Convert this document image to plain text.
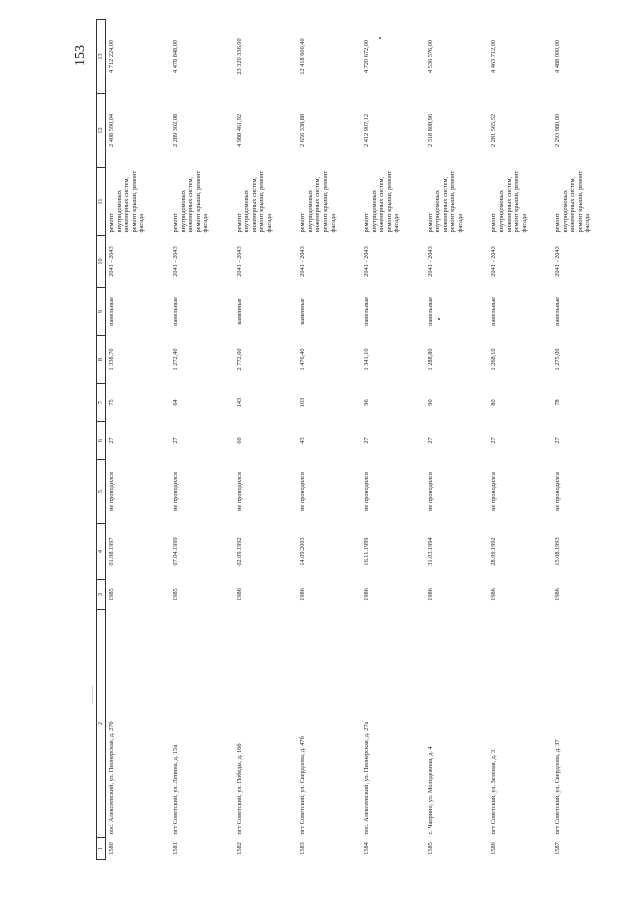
153
1	2	3	4	5	6	7	8	9	10	11	12	13
1580	пос. Алексеевский, ул. Пионерская, д. 27б	1985	01.08.1997	не проводился	27	75	1 338,70	панельные	2041 - 2043	ремонт внутридомовых инженерных систем, ремонт крыши, ремонт фасада	2 408 590,04	4 712 224,00
1581	пгт Советский, ул. Ленина, д. 15а	1985	07.04.1999	не проводился	27	64	1 272,40	панельные	2041 - 2043	ремонт внутридомовых инженерных систем, ремонт крыши, ремонт фасада	2 289 302,08	4 478 848,00
1582	пгт Советский, ул. Победы, д. 16б	1986	02.09.1992	не проводился	60	143	2 772,60	каменные	2041 - 2043	ремонт внутридомовых инженерных систем, ремонт крыши, ремонт фасада	4 988 461,92	23 320 336,00
1583	пгт Советский, ул. Свердлова, д. 47б	1986	14.09.2003	не проводился	43	103	1 476,40	каменные	2041 - 2043	ремонт внутридомовых инженерных систем, ремонт крыши, ремонт фасада	2 656 338,88	12 418 600,40
1584	пос. Алексеевский, ул. Пионерская, д. 27а	1986	16.11.1999	не проводился	27	96	1 341,10	панельные	2041 - 2043	ремонт внутридомовых инженерных систем, ремонт крыши, ремонт фасада	2 412 907,12	4 720 672,00
1585	с. Чаприно, ул. Молодежная, д. 4	1986	31.03.1994	не проводился	27	90	1 288,80	панельные	2041 - 2043	ремонт внутридомовых инженерных систем, ремонт крыши, ремонт фасада	2 318 808,96	4 536 576,00
1586	пгт Советский, ул. Зеленая, д. 3	1986	28.09.1992	не проводился	27	80	1 268,10	панельные	2041 - 2043	ремонт внутридомовых инженерных систем, ремонт крыши, ремонт фасада	2 281 565,52	4 463 712,00
1587	пгт Советский, ул. Свердлова, д. 37	1986	15.08.1993	не проводился	27	78	1 275,00	панельные	2041 - 2043	ремонт внутридомовых инженерных систем, ремонт крыши, ремонт фасада	2 293 980,00	4 488 000,00
